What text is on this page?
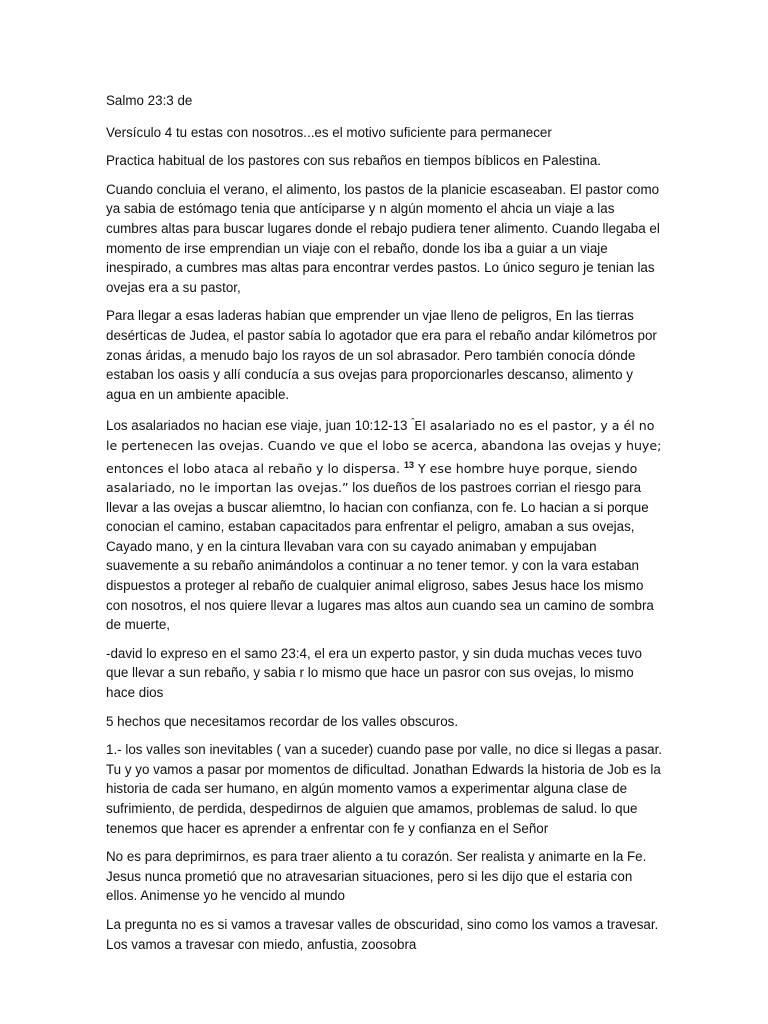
Salmo 23:3 de

Versículo 4 tu estas con nosotros...es el motivo suficiente para permanecer

Practica habitual de los pastores con sus rebaños en tiempos bíblicos en Palestina.

Cuando concluia el verano, el alimento, los pastos de la planicie escaseaban. El pastor como ya sabia de estómago tenia que antíciparse y n algún momento el ahcia un viaje a las cumbres altas para buscar lugares donde el rebajo pudiera tener alimento. Cuando llegaba el momento de irse emprendian un viaje con el rebaño, donde los iba a guiar a un viaje inespirado, a cumbres mas altas para encontrar verdes pastos. Lo único seguro je tenian las ovejas era a su pastor,

Para llegar a esas laderas habian que emprender un vjae lleno de peligros, En las tierras desérticas de Judea, el pastor sabía lo agotador que era para el rebaño andar kilómetros por zonas áridas, a menudo bajo los rayos de un sol abrasador. Pero también conocía dónde estaban los oasis y allí conducía a sus ovejas para proporcionarles descanso, alimento y agua en un ambiente apacible.

Los asalariados no hacian ese viaje, juan 10:12-13 $^ˆ$El asalariado no es el pastor, y a él no le pertenecen las ovejas. Cuando ve que el lobo se acerca, abandona las ovejas y huye; entonces el lobo ataca al rebaño y lo dispersa. $^{13}$ Y ese hombre huye porque, siendo asalariado, no le importan las ovejas.” los dueños de los pastroes corrian el riesgo para llevar a las ovejas a buscar aliemtno, lo hacian con confianza, con fe. Lo hacian a si porque conocian el camino, estaban capacitados para enfrentar el peligro, amaban a sus ovejas, Cayado mano, y en la cintura llevaban vara con su cayado animaban y empujaban suavemente a su rebaño animándolos a continuar a no tener temor. y con la vara estaban dispuestos a proteger al rebaño de cualquier animal eligroso, sabes Jesus hace los mismo con nosotros, el nos quiere llevar a lugares mas altos aun cuando sea un camino de sombra de muerte,

-david lo expreso en el samo 23:4, el era un experto pastor, y sin duda muchas veces tuvo que llevar a sun rebaño, y sabia r lo mismo que hace un pasror con sus ovejas, lo mismo hace dios

5 hechos que necesitamos recordar de los valles obscuros.

1.- los valles son inevitables ( van a suceder) cuando pase por valle, no dice si llegas a pasar. Tu y yo vamos a pasar por momentos de dificultad. Jonathan Edwards la historia de Job es la historia de cada ser humano, en algún momento vamos a experimentar alguna clase de sufrimiento, de perdida, despedirnos de alguien que amamos, problemas de salud. lo que tenemos que hacer es aprender a enfrentar con fe y confianza en el Señor

No es para deprimirnos, es para traer aliento a tu corazón. Ser realista y animarte en la Fe. Jesus nunca prometió que no atravesarian situaciones, pero si les dijo que el estaria con ellos. Animense yo he vencido al mundo

La pregunta no es si vamos a travesar valles de obscuridad, sino como los vamos a travesar. Los vamos a travesar con miedo, anfustia, zoosobra
